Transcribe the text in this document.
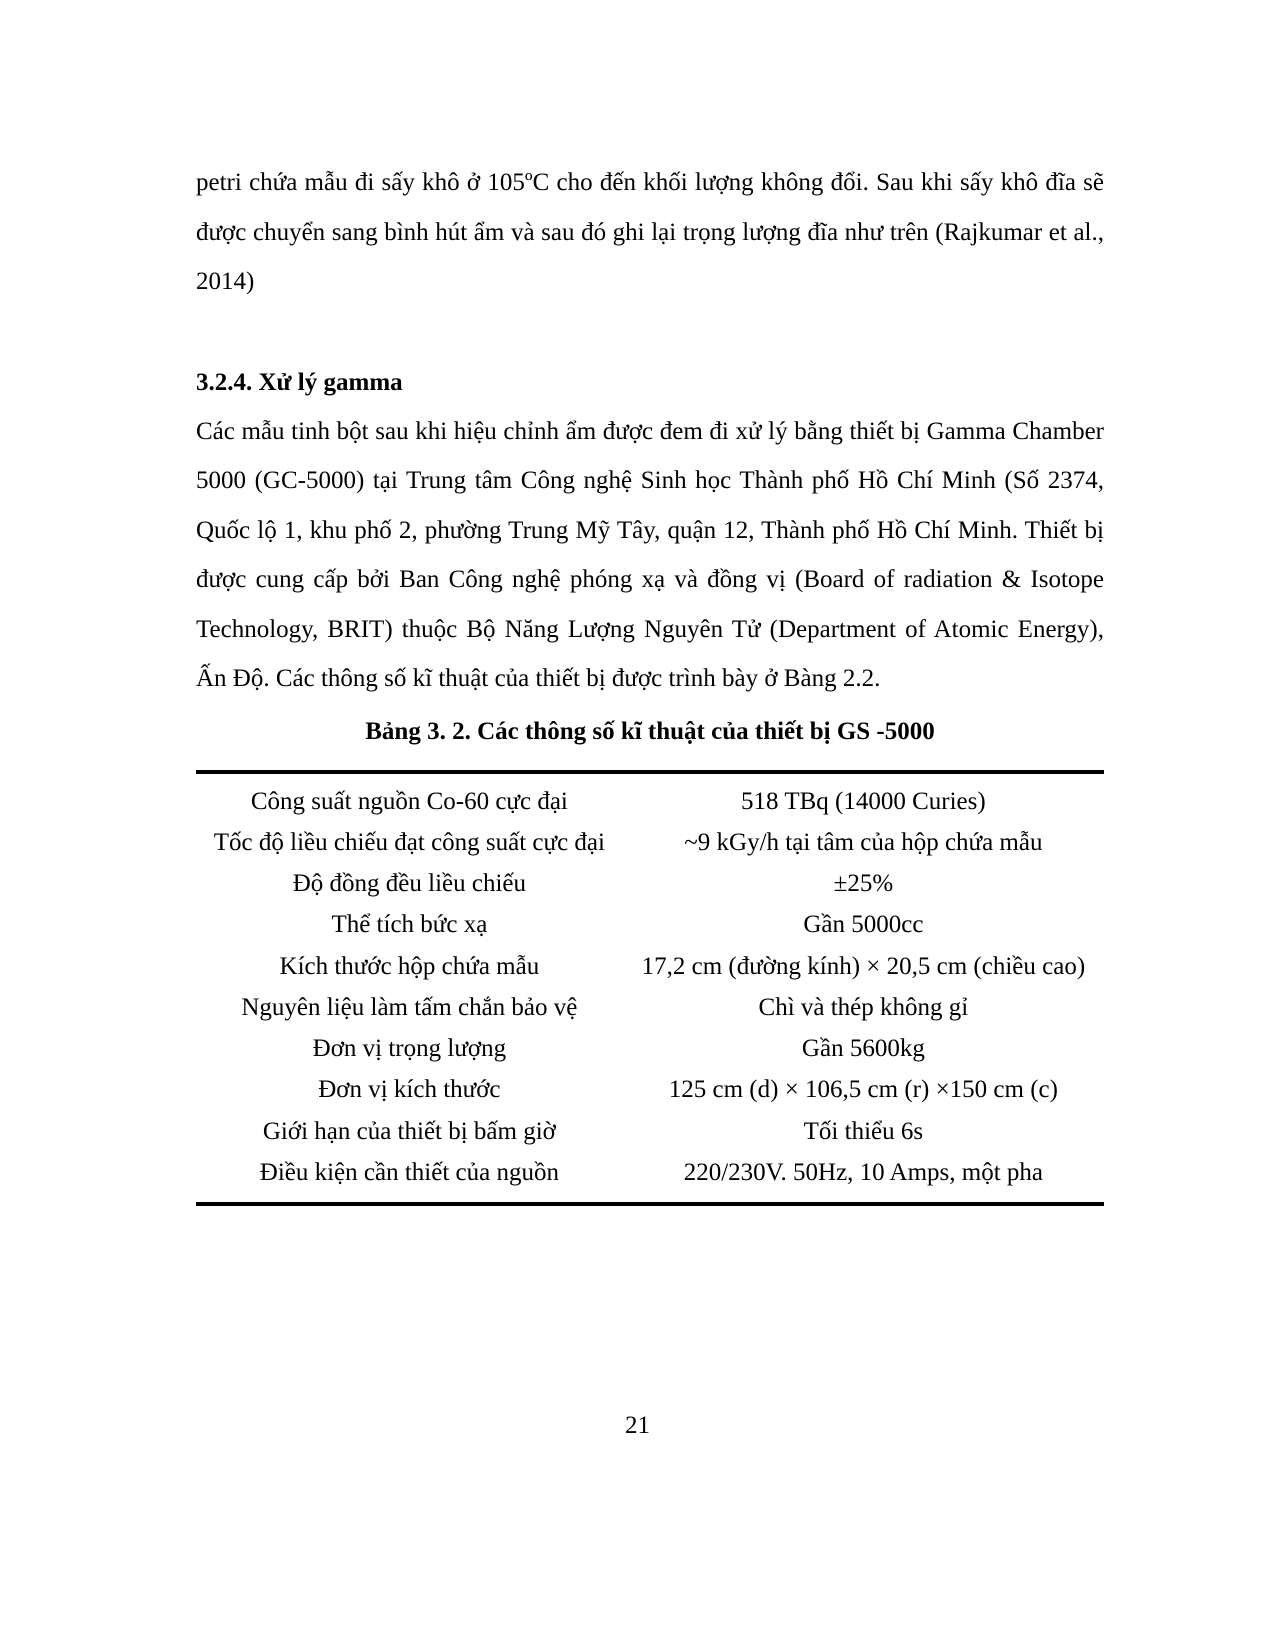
petri chứa mẫu đi sấy khô ở 105ºC cho đến khối lượng không đổi. Sau khi sấy khô đĩa sẽ được chuyển sang bình hút ẩm và sau đó ghi lại trọng lượng đĩa như trên (Rajkumar et al., 2014)

3.2.4. Xử lý gamma

Các mẫu tinh bột sau khi hiệu chỉnh ẩm được đem đi xử lý bằng thiết bị Gamma Chamber 5000 (GC-5000) tại Trung tâm Công nghệ Sinh học Thành phố Hồ Chí Minh (Số 2374, Quốc lộ 1, khu phố 2, phường Trung Mỹ Tây, quận 12, Thành phố Hồ Chí Minh. Thiết bị được cung cấp bởi Ban Công nghệ phóng xạ và đồng vị (Board of radiation & Isotope Technology, BRIT) thuộc Bộ Năng Lượng Nguyên Tử (Department of Atomic Energy), Ấn Độ. Các thông số kĩ thuật của thiết bị được trình bày ở Bàng 2.2.

Bảng 3. 2. Các thông số kĩ thuật của thiết bị GS -5000

Công suất nguồn Co-60 cực đại	518 TBq (14000 Curies)
Tốc độ liều chiếu đạt công suất cực đại	~9 kGy/h tại tâm của hộp chứa mẫu
Độ đồng đều liều chiếu	±25%
Thể tích bức xạ	Gần 5000cc
Kích thước hộp chứa mẫu	17,2 cm (đường kính) × 20,5 cm (chiều cao)
Nguyên liệu làm tấm chắn bảo vệ	Chì và thép không gỉ
Đơn vị trọng lượng	Gần 5600kg
Đơn vị kích thước	125 cm (d) × 106,5 cm (r) ×150 cm (c)
Giới hạn của thiết bị bấm giờ	Tối thiểu 6s
Điều kiện cần thiết của nguồn	220/230V. 50Hz, 10 Amps, một pha
21
